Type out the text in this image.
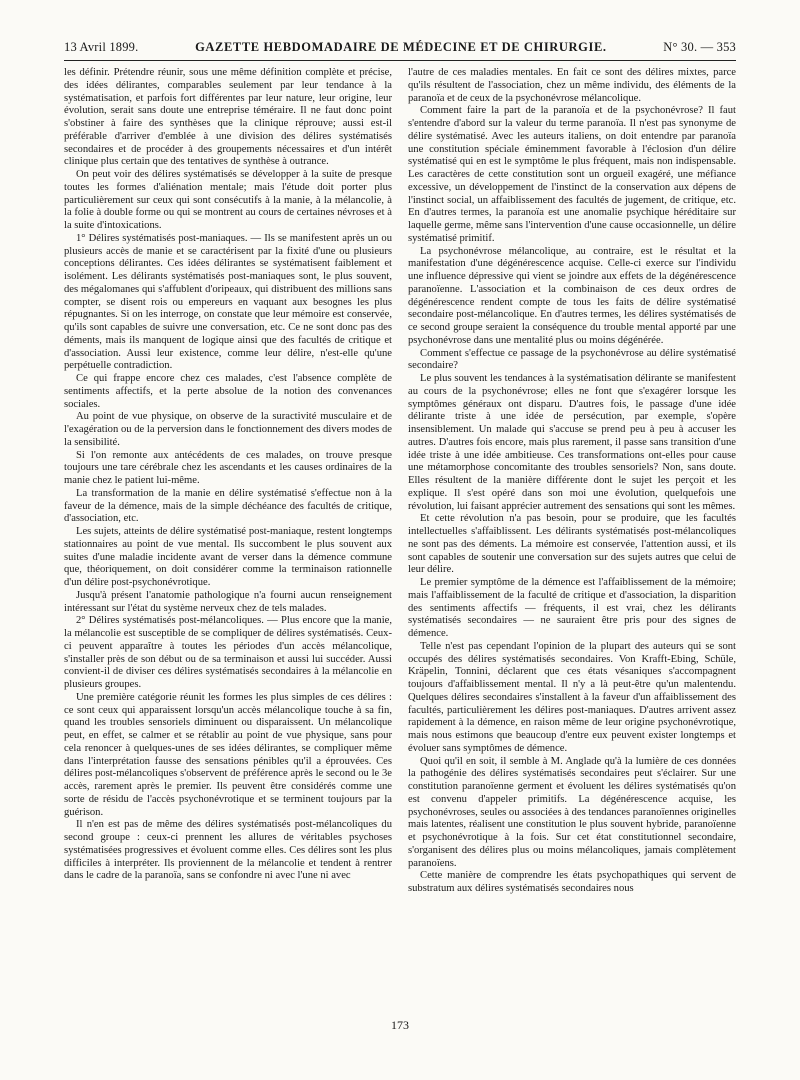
13 Avril 1899.	GAZETTE HEBDOMADAIRE DE MÉDECINE ET DE CHIRURGIE.	N° 30. — 353

les définir. Prétendre réunir, sous une même définition complète et précise, des idées délirantes, comparables seulement par leur tendance à la systématisation, et parfois fort différentes par leur nature, leur origine, leur évolution, serait sans doute une entreprise téméraire. Il ne faut donc point s'obstiner à faire des synthèses que la clinique réprouve; aussi est-il préférable d'arriver d'emblée à une division des délires systématisés secondaires et de procéder à des groupements nécessaires et d'un intérêt clinique plus certain que des tentatives de synthèse à outrance.

On peut voir des délires systématisés se développer à la suite de presque toutes les formes d'aliénation mentale; mais l'étude doit porter plus particulièrement sur ceux qui sont consécutifs à la manie, à la mélancolie, à la folie à double forme ou qui se montrent au cours de certaines névroses et à la suite d'intoxications.

1° Délires systématisés post-maniaques. — Ils se manifestent après un ou plusieurs accès de manie et se caractérisent par la fixité d'une ou plusieurs conceptions délirantes. Ces idées délirantes se systématisent faiblement et isolément. Les délirants systématisés post-maniaques sont, le plus souvent, des mégalomanes qui s'affublent d'oripeaux, qui distribuent des millions sans compter, se disent rois ou empereurs en vaquant aux besognes les plus répugnantes. Si on les interroge, on constate que leur mémoire est conservée, qu'ils sont capables de suivre une conversation, etc. Ce ne sont donc pas des déments, mais ils manquent de logique ainsi que des facultés de critique et d'association. Aussi leur existence, comme leur délire, n'est-elle qu'une perpétuelle contradiction.

Ce qui frappe encore chez ces malades, c'est l'absence complète de sentiments affectifs, et la perte absolue de la notion des convenances sociales.

Au point de vue physique, on observe de la suractivité musculaire et de l'exagération ou de la perversion dans le fonctionnement des divers modes de la sensibilité.

Si l'on remonte aux antécédents de ces malades, on trouve presque toujours une tare cérébrale chez les ascendants et les causes ordinaires de la manie chez le patient lui-même.

La transformation de la manie en délire systématisé s'effectue non à la faveur de la démence, mais de la simple déchéance des facultés de critique, d'association, etc.

Les sujets, atteints de délire systématisé post-maniaque, restent longtemps stationnaires au point de vue mental. Ils succombent le plus souvent aux suites d'une maladie incidente avant de verser dans la démence commune que, théoriquement, on doit considérer comme la terminaison rationnelle d'un délire post-psychonévrotique.

Jusqu'à présent l'anatomie pathologique n'a fourni aucun renseignement intéressant sur l'état du système nerveux chez de tels malades.

2° Délires systématisés post-mélancoliques. — Plus encore que la manie, la mélancolie est susceptible de se compliquer de délires systématisés. Ceux-ci peuvent apparaître à toutes les périodes d'un accès mélancolique, s'installer près de son début ou de sa terminaison et aussi lui succéder. Aussi convient-il de diviser ces délires systématisés secondaires à la mélancolie en plusieurs groupes.

Une première catégorie réunit les formes les plus simples de ces délires : ce sont ceux qui apparaissent lorsqu'un accès mélancolique touche à sa fin, quand les troubles sensoriels diminuent ou disparaissent. Un mélancolique peut, en effet, se calmer et se rétablir au point de vue physique, sans pour cela renoncer à quelques-unes de ses idées délirantes, se compliquer même dans l'interprétation fausse des sensations pénibles qu'il a éprouvées. Ces délires post-mélancoliques s'observent de préférence après le second ou le 3e accès, rarement après le premier. Ils peuvent être considérés comme une sorte de résidu de l'accès psychonévrotique et se terminent toujours par la guérison.

Il n'en est pas de même des délires systématisés post-mélancoliques du second groupe : ceux-ci prennent les allures de véritables psychoses systématisées progressives et évoluent comme elles. Ces délires sont les plus difficiles à interpréter. Ils proviennent de la mélancolie et tendent à rentrer dans le cadre de la paranoïa, sans se confondre ni avec l'une ni avec

l'autre de ces maladies mentales. En fait ce sont des délires mixtes, parce qu'ils résultent de l'association, chez un même individu, des éléments de la paranoïa et de ceux de la psychonévrose mélancolique.

Comment faire la part de la paranoïa et de la psychonévrose? Il faut s'entendre d'abord sur la valeur du terme paranoïa. Il n'est pas synonyme de délire systématisé. Avec les auteurs italiens, on doit entendre par paranoïa une constitution spéciale éminemment favorable à l'éclosion d'un délire systématisé qui en est le symptôme le plus fréquent, mais non indispensable. Les caractères de cette constitution sont un orgueil exagéré, une méfiance excessive, un développement de l'instinct de la conservation aux dépens de l'instinct social, un affaiblissement des facultés de jugement, de critique, etc. En d'autres termes, la paranoïa est une anomalie psychique héréditaire sur laquelle germe, même sans l'intervention d'une cause occasionnelle, un délire systématisé primitif.

La psychonévrose mélancolique, au contraire, est le résultat et la manifestation d'une dégénérescence acquise. Celle-ci exerce sur l'individu une influence dépressive qui vient se joindre aux effets de la dégénérescence paranoïenne. L'association et la combinaison de ces deux ordres de dégénérescence rendent compte de tous les faits de délire systématisé secondaire post-mélancolique. En d'autres termes, les délires systématisés de ce second groupe seraient la conséquence du trouble mental apporté par une psychonévrose dans une mentalité plus ou moins dégénérée.

Comment s'effectue ce passage de la psychonévrose au délire systématisé secondaire?

Le plus souvent les tendances à la systématisation délirante se manifestent au cours de la psychonévrose; elles ne font que s'exagérer lorsque les symptômes généraux ont disparu. D'autres fois, le passage d'une idée délirante triste à une idée de persécution, par exemple, s'opère insensiblement. Un malade qui s'accuse se prend peu à peu à accuser les autres. D'autres fois encore, mais plus rarement, il passe sans transition d'une idée triste à une idée ambitieuse. Ces transformations ont-elles pour cause une métamorphose concomitante des troubles sensoriels? Non, sans doute. Elles résultent de la manière différente dont le sujet les perçoit et les explique. Il s'est opéré dans son moi une évolution, quelquefois une révolution, lui faisant apprécier autrement des sensations qui sont les mêmes.

Et cette révolution n'a pas besoin, pour se produire, que les facultés intellectuelles s'affaiblissent. Les délirants systématisés post-mélancoliques ne sont pas des déments. La mémoire est conservée, l'attention aussi, et ils sont capables de soutenir une conversation sur des sujets autres que celui de leur délire.

Le premier symptôme de la démence est l'affaiblissement de la mémoire; mais l'affaiblissement de la faculté de critique et d'association, la disparition des sentiments affectifs — fréquents, il est vrai, chez les délirants systématisés secondaires — ne sauraient être pris pour des signes de démence.

Telle n'est pas cependant l'opinion de la plupart des auteurs qui se sont occupés des délires systématisés secondaires. Von Krafft-Ebing, Schüle, Kräpelin, Tonnini, déclarent que ces états vésaniques s'accompagnent toujours d'affaiblissement mental. Il n'y a là peut-être qu'un malentendu. Quelques délires secondaires s'installent à la faveur d'un affaiblissement des facultés, particulièrement les délires post-maniaques. D'autres arrivent assez rapidement à la démence, en raison même de leur origine psychonévrotique, mais nous estimons que beaucoup d'entre eux peuvent exister longtemps et évoluer sans symptômes de démence.

Quoi qu'il en soit, il semble à M. Anglade qu'à la lumière de ces données la pathogénie des délires systématisés secondaires peut s'éclairer. Sur une constitution paranoïenne germent et évoluent les délires systématisés qu'on est convenu d'appeler primitifs. La dégénérescence acquise, les psychonévroses, seules ou associées à des tendances paranoïennes originelles mais latentes, réalisent une constitution le plus souvent hybride, paranoïenne et psychonévrotique à la fois. Sur cet état constitutionnel secondaire, s'organisent des délires plus ou moins mélancoliques, jamais complètement paranoïens.

Cette manière de comprendre les états psychopathiques qui servent de substratum aux délires systématisés secondaires nous

173
